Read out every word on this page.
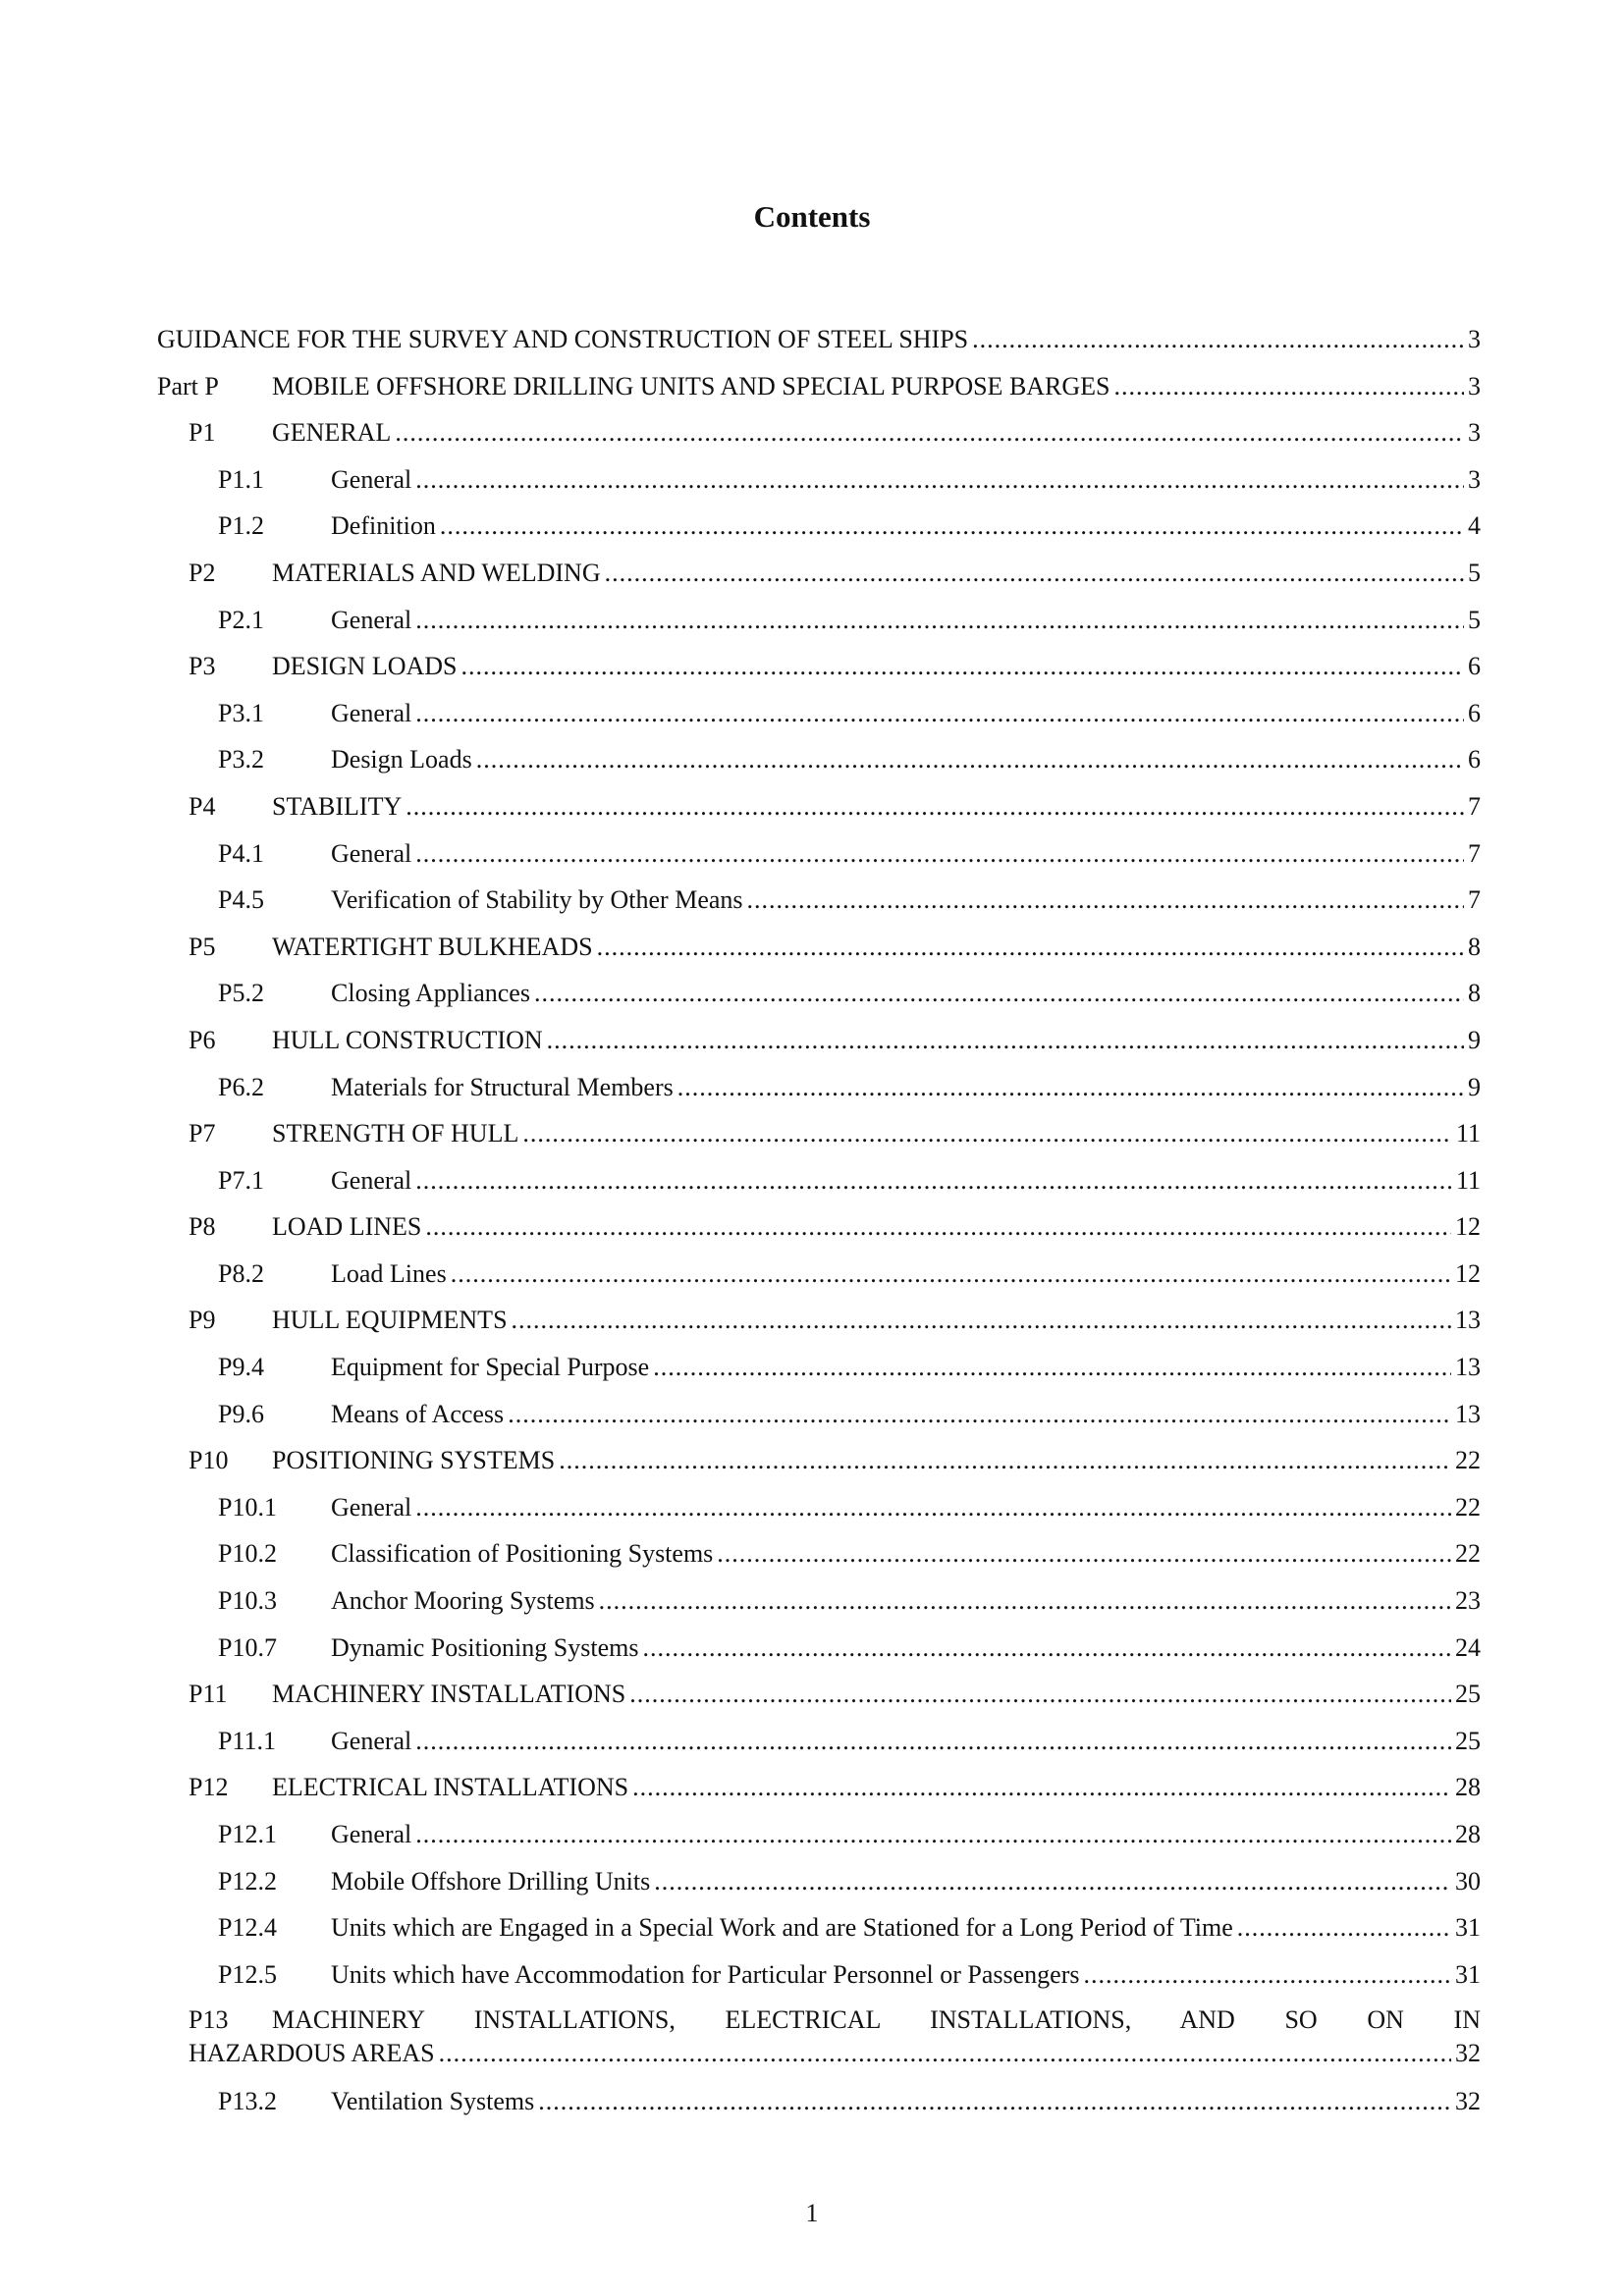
Contents
GUIDANCE FOR THE SURVEY AND CONSTRUCTION OF STEEL SHIPS .....	3
Part P	MOBILE OFFSHORE DRILLING UNITS AND SPECIAL PURPOSE BARGES .....	3
P1	GENERAL .....	3
P1.1	General .....	3
P1.2	Definition .....	4
P2	MATERIALS AND WELDING .....	5
P2.1	General .....	5
P3	DESIGN LOADS .....	6
P3.1	General .....	6
P3.2	Design Loads .....	6
P4	STABILITY .....	7
P4.1	General .....	7
P4.5	Verification of Stability by Other Means .....	7
P5	WATERTIGHT BULKHEADS .....	8
P5.2	Closing Appliances .....	8
P6	HULL CONSTRUCTION .....	9
P6.2	Materials for Structural Members .....	9
P7	STRENGTH OF HULL .....	11
P7.1	General .....	11
P8	LOAD LINES .....	12
P8.2	Load Lines .....	12
P9	HULL EQUIPMENTS .....	13
P9.4	Equipment for Special Purpose .....	13
P9.6	Means of Access .....	13
P10	POSITIONING SYSTEMS .....	22
P10.1	General .....	22
P10.2	Classification of Positioning Systems .....	22
P10.3	Anchor Mooring Systems .....	23
P10.7	Dynamic Positioning Systems .....	24
P11	MACHINERY INSTALLATIONS .....	25
P11.1	General .....	25
P12	ELECTRICAL INSTALLATIONS .....	28
P12.1	General .....	28
P12.2	Mobile Offshore Drilling Units .....	30
P12.4	Units which are Engaged in a Special Work and are Stationed for a Long Period of Time .....	31
P12.5	Units which have Accommodation for Particular Personnel or Passengers .....	31
P13	MACHINERY INSTALLATIONS, ELECTRICAL INSTALLATIONS, AND SO ON IN
HAZARDOUS AREAS .....	32
P13.2	Ventilation Systems .....	32
1
